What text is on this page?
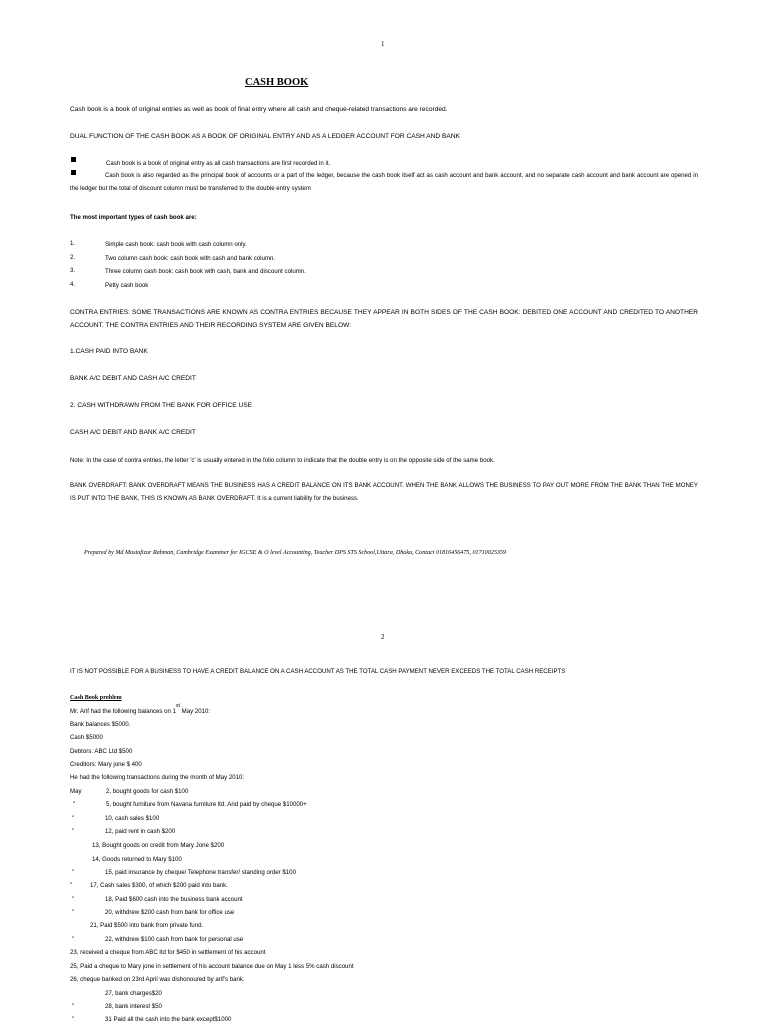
1
CASH BOOK
Cash book is a book of original entries as well as book of final entry where all cash and cheque-related transactions are recorded.
DUAL FUNCTION OF THE CASH BOOK AS A BOOK OF ORIGINAL ENTRY AND AS A LEDGER ACCOUNT FOR CASH AND BANK
Cash book is a book of original entry as all cash transactions are first recorded in it.
Cash book is also regarded as the principal book of accounts or a part of the ledger, because the cash book itself act as cash account and bank account, and no separate cash account and bank account are opened in the ledger but the total of discount column must be transferred to the double entry system
The most important types of cash book are:
1.	Simple cash book: cash book with cash column only.
2.	Two column cash book: cash book with cash and bank column.
3.	Three column cash book: cash book with cash, bank and discount column.
4.	Petty cash book
CONTRA ENTRIES: SOME TRANSACTIONS ARE KNOWN AS CONTRA ENTRIES BECAUSE THEY APPEAR IN BOTH SIDES OF THE CASH BOOK: DEBITED ONE ACCOUNT AND CREDITED TO ANOTHER ACCOUNT. THE CONTRA ENTRIES AND THEIR RECORDING SYSTEM ARE GIVEN BELOW:
1.CASH PAID INTO BANK
BANK A/C DEBIT AND CASH A/C CREDIT
2. CASH WITHDRAWN FROM THE BANK FOR OFFICE USE
CASH A/C DEBIT AND BANK A/C CREDIT
Note: In the case of contra entries, the letter 'c' is usually entered in the folio column to indicate that the double entry is on the opposite side of the same book.
BANK OVERDRAFT: BANK OVERDRAFT MEANS THE BUSINESS HAS A CREDIT BALANCE ON ITS BANK ACCOUNT. WHEN THE BANK ALLOWS THE BUSINESS TO PAY OUT MORE FROM THE BANK THAN THE MONEY IS PUT INTO THE BANK, THIS IS KNOWN AS BANK OVERDRAFT. It is a current liability for the business.
Prepared by Md Mustafizur Rahman, Cambridge Examiner for IGCSE & O level Accounting, Teacher DPS STS School,Uttara, Dhaka, Contact 01816456475, 01710025359
2
IT IS NOT POSSIBLE FOR A BUSINESS TO HAVE A CREDIT BALANCE ON A CASH ACCOUNT AS THE TOTAL CASH PAYMENT NEVER EXCEEDS THE TOTAL CASH RECEIPTS
Cash Book problem
Mr. Arif had the following balances on 1st May 2010:
Bank balances $5000.
Cash $5000
Debtors: ABC Ltd $500
Creditors: Mary jone $ 400
He had the following transactions during the month of May 2010:
May	2, bought goods for cash $100
"	5, bought furniture from Navana furniture ltd. And paid by cheque $10000+
"	10, cash sales $100
"	12, paid rent in cash $200
13, Bought goods on credit from Mary Jone $200
14, Goods returned to Mary $100
"	15, paid insurance by cheque/ Telephone transfer/ standing order $100
"	17, Cash sales $300, of which $200 paid into bank.
"	18, Paid $600 cash into the business bank account
"	20, withdrew $200 cash from bank for office use
21, Paid $500 into bank from private fund.
"	22, withdrew $100 cash from bank for personal use
23, received a cheque from ABC ltd for $450 in settlement of his account
25, Paid a cheque to Mary jone in settlement of his account balance due on May 1 less 5% cash discount
26, cheque banked on 23rd April was dishonoured by arif's bank.
27, bank charges$20
"	28, bank interest $50
"	31 Paid all the cash into the bank except$1000
